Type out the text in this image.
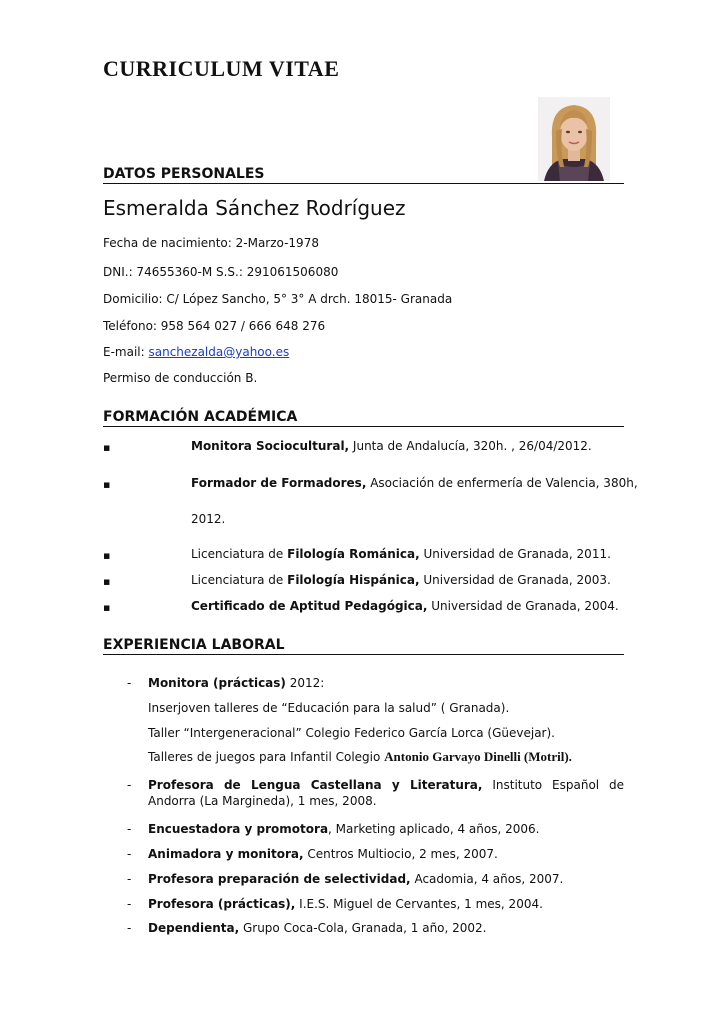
CURRICULUM VITAE
DATOS PERSONALES
Esmeralda Sánchez Rodríguez
Fecha de nacimiento: 2-Marzo-1978
DNI.: 74655360-M S.S.: 291061506080
Domicilio: C/ López Sancho, 5° 3° A drch. 18015- Granada
Teléfono: 958 564 027 / 666 648 276
E-mail: sanchezalda@yahoo.es
Permiso de conducción B.
FORMACIÓN ACADÉMICA
▪	Monitora Sociocultural, Junta de Andalucía, 320h. , 26/04/2012.
▪	Formador de Formadores, Asociación de enfermería de Valencia, 380h,
2012.
▪	Licenciatura de Filología Románica, Universidad de Granada, 2011.
▪	Licenciatura de Filología Hispánica, Universidad de Granada, 2003.
▪	Certificado de Aptitud Pedagógica, Universidad de Granada, 2004.
EXPERIENCIA LABORAL
- Monitora (prácticas) 2012:
Inserjoven talleres de “Educación para la salud” ( Granada).
Taller “Intergeneracional” Colegio Federico García Lorca (Güevejar).
Talleres de juegos para Infantil Colegio Antonio Garvayo Dinelli (Motril).
- Profesora de Lengua Castellana y Literatura, Instituto Español de Andorra (La Margineda), 1 mes, 2008.
- Encuestadora y promotora, Marketing aplicado, 4 años, 2006.
- Animadora y monitora, Centros Multiocio, 2 mes, 2007.
- Profesora preparación de selectividad, Acadomia, 4 años, 2007.
- Profesora (prácticas), I.E.S. Miguel de Cervantes, 1 mes, 2004.
- Dependienta, Grupo Coca-Cola, Granada, 1 año, 2002.
